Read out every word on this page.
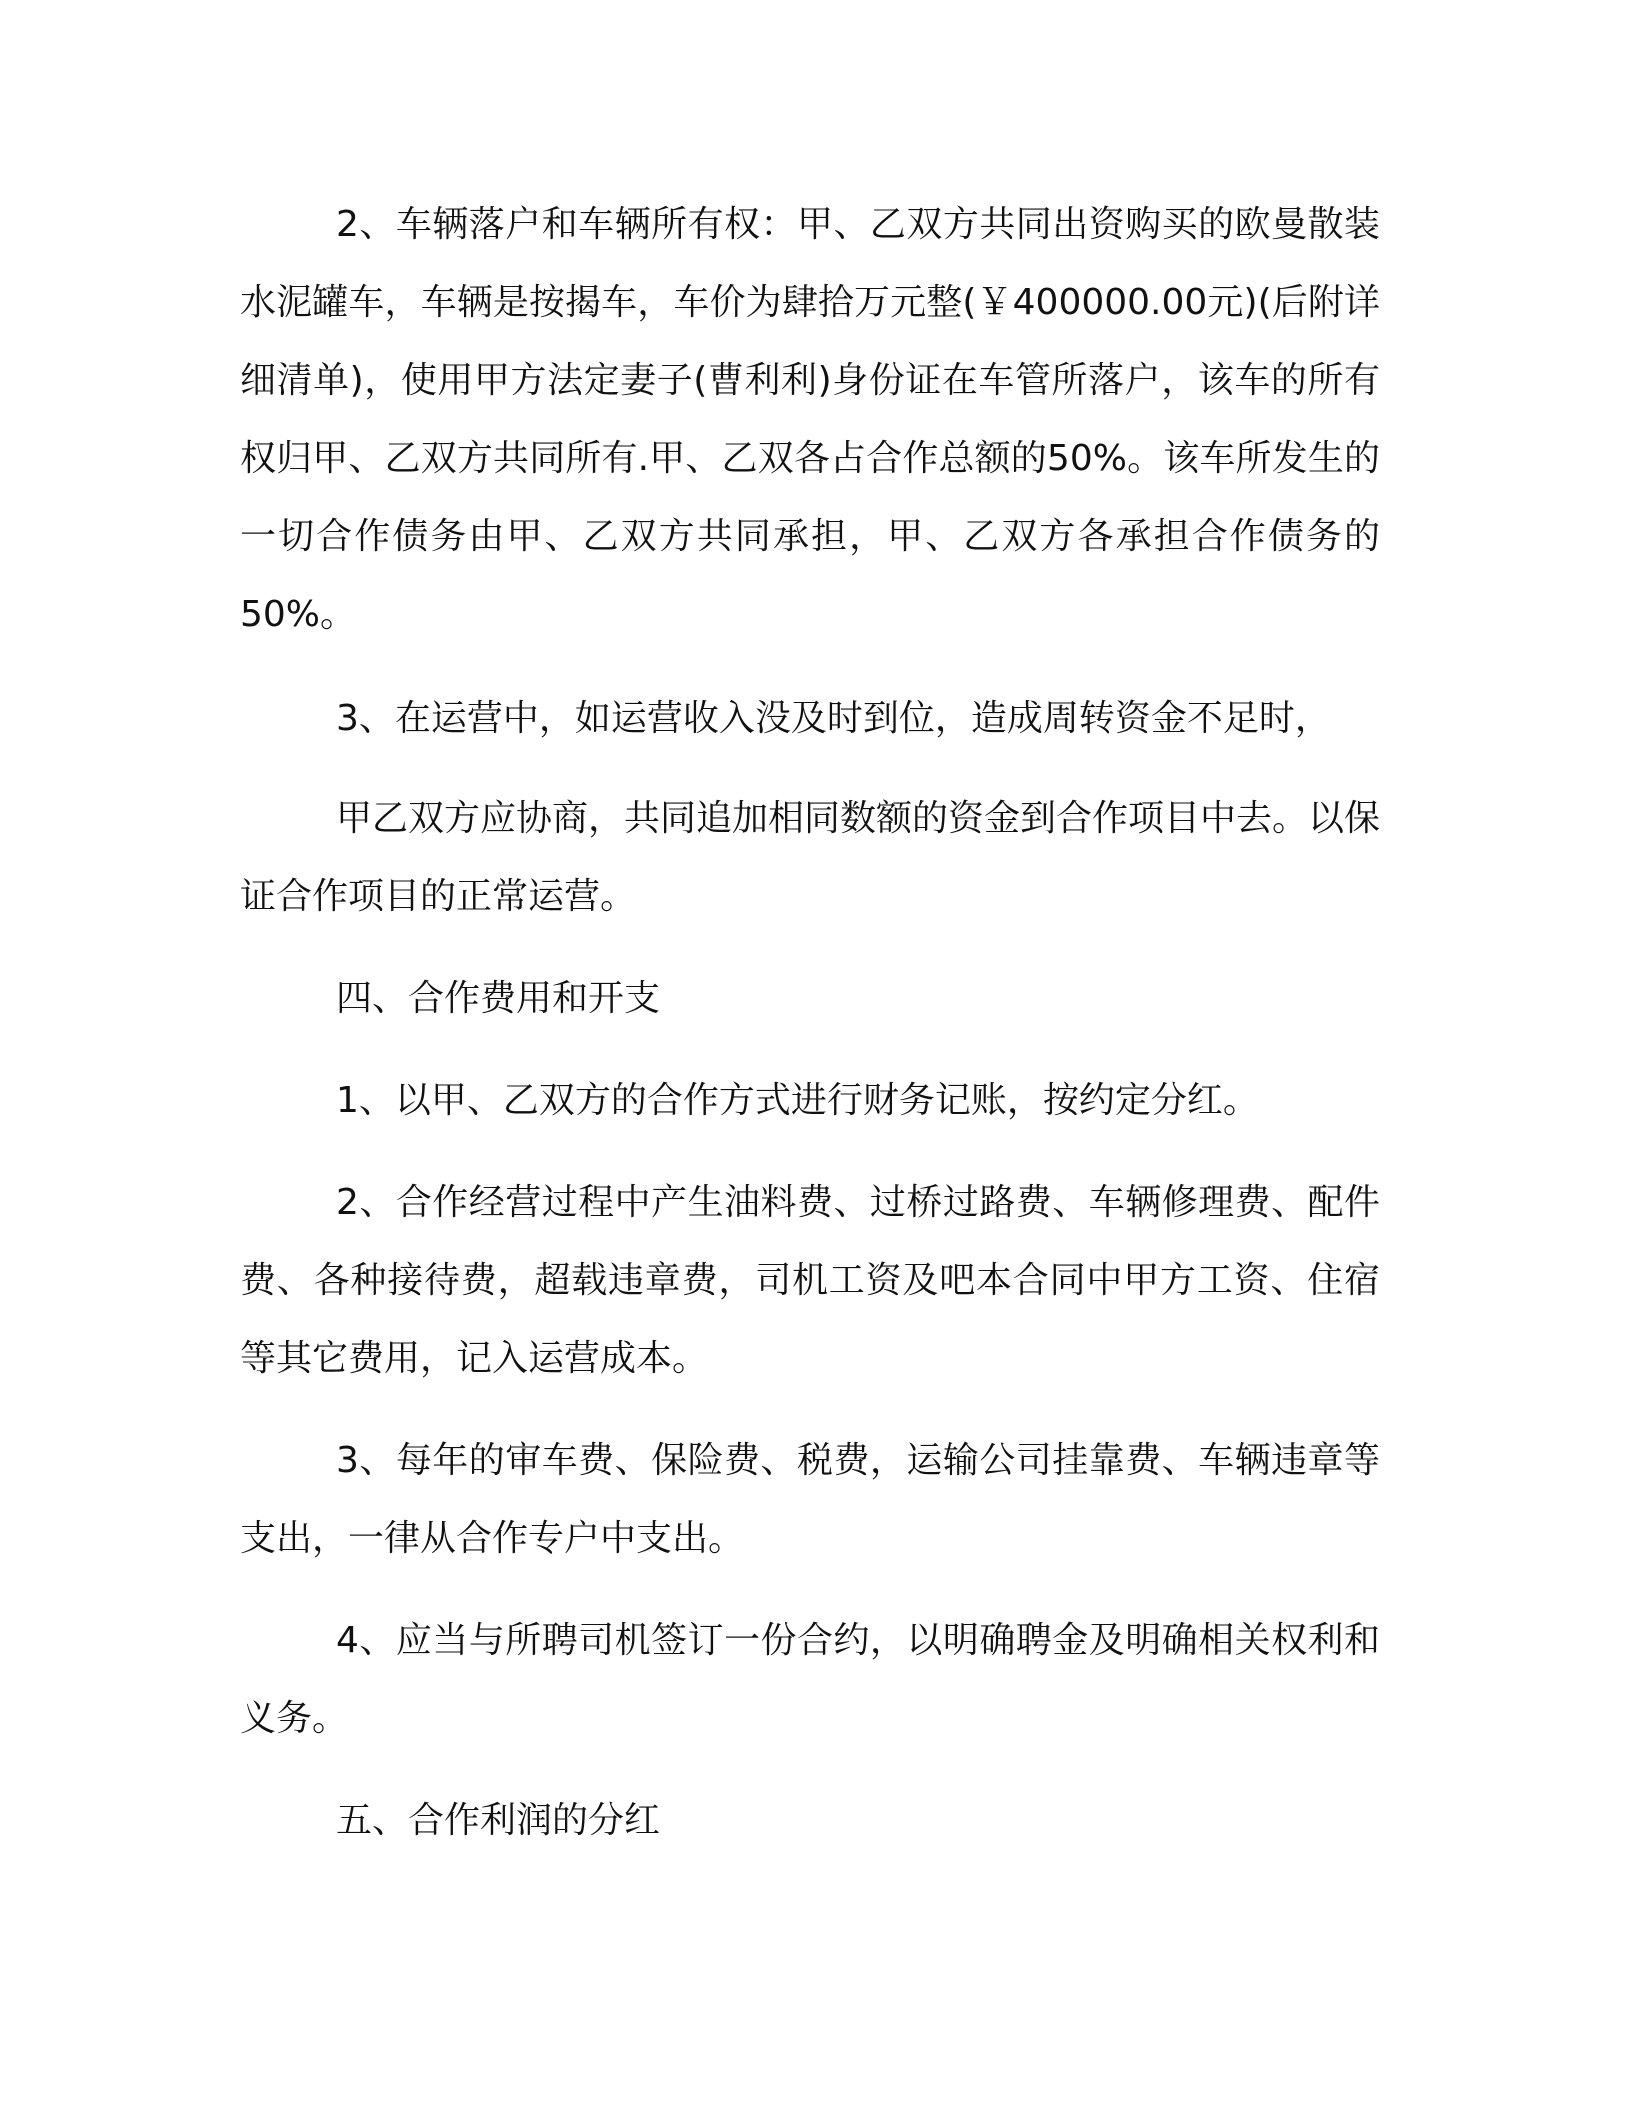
2、车辆落户和车辆所有权：甲、乙双方共同出资购买的欧曼散装水泥罐车，车辆是按揭车，车价为肆拾万元整(￥400000.00元)(后附详细清单)，使用甲方法定妻子(曹利利)身份证在车管所落户，该车的所有权归甲、乙双方共同所有.甲、乙双各占合作总额的50%。该车所发生的一切合作债务由甲、乙双方共同承担，甲、乙双方各承担合作债务的50%。

3、在运营中，如运营收入没及时到位，造成周转资金不足时，

甲乙双方应协商，共同追加相同数额的资金到合作项目中去。以保证合作项目的正常运营。

四、合作费用和开支

1、以甲、乙双方的合作方式进行财务记账，按约定分红。

2、合作经营过程中产生油料费、过桥过路费、车辆修理费、配件费、各种接待费，超载违章费，司机工资及吧本合同中甲方工资、住宿等其它费用，记入运营成本。

3、每年的审车费、保险费、税费，运输公司挂靠费、车辆违章等支出，一律从合作专户中支出。

4、应当与所聘司机签订一份合约，以明确聘金及明确相关权利和义务。

五、合作利润的分红
